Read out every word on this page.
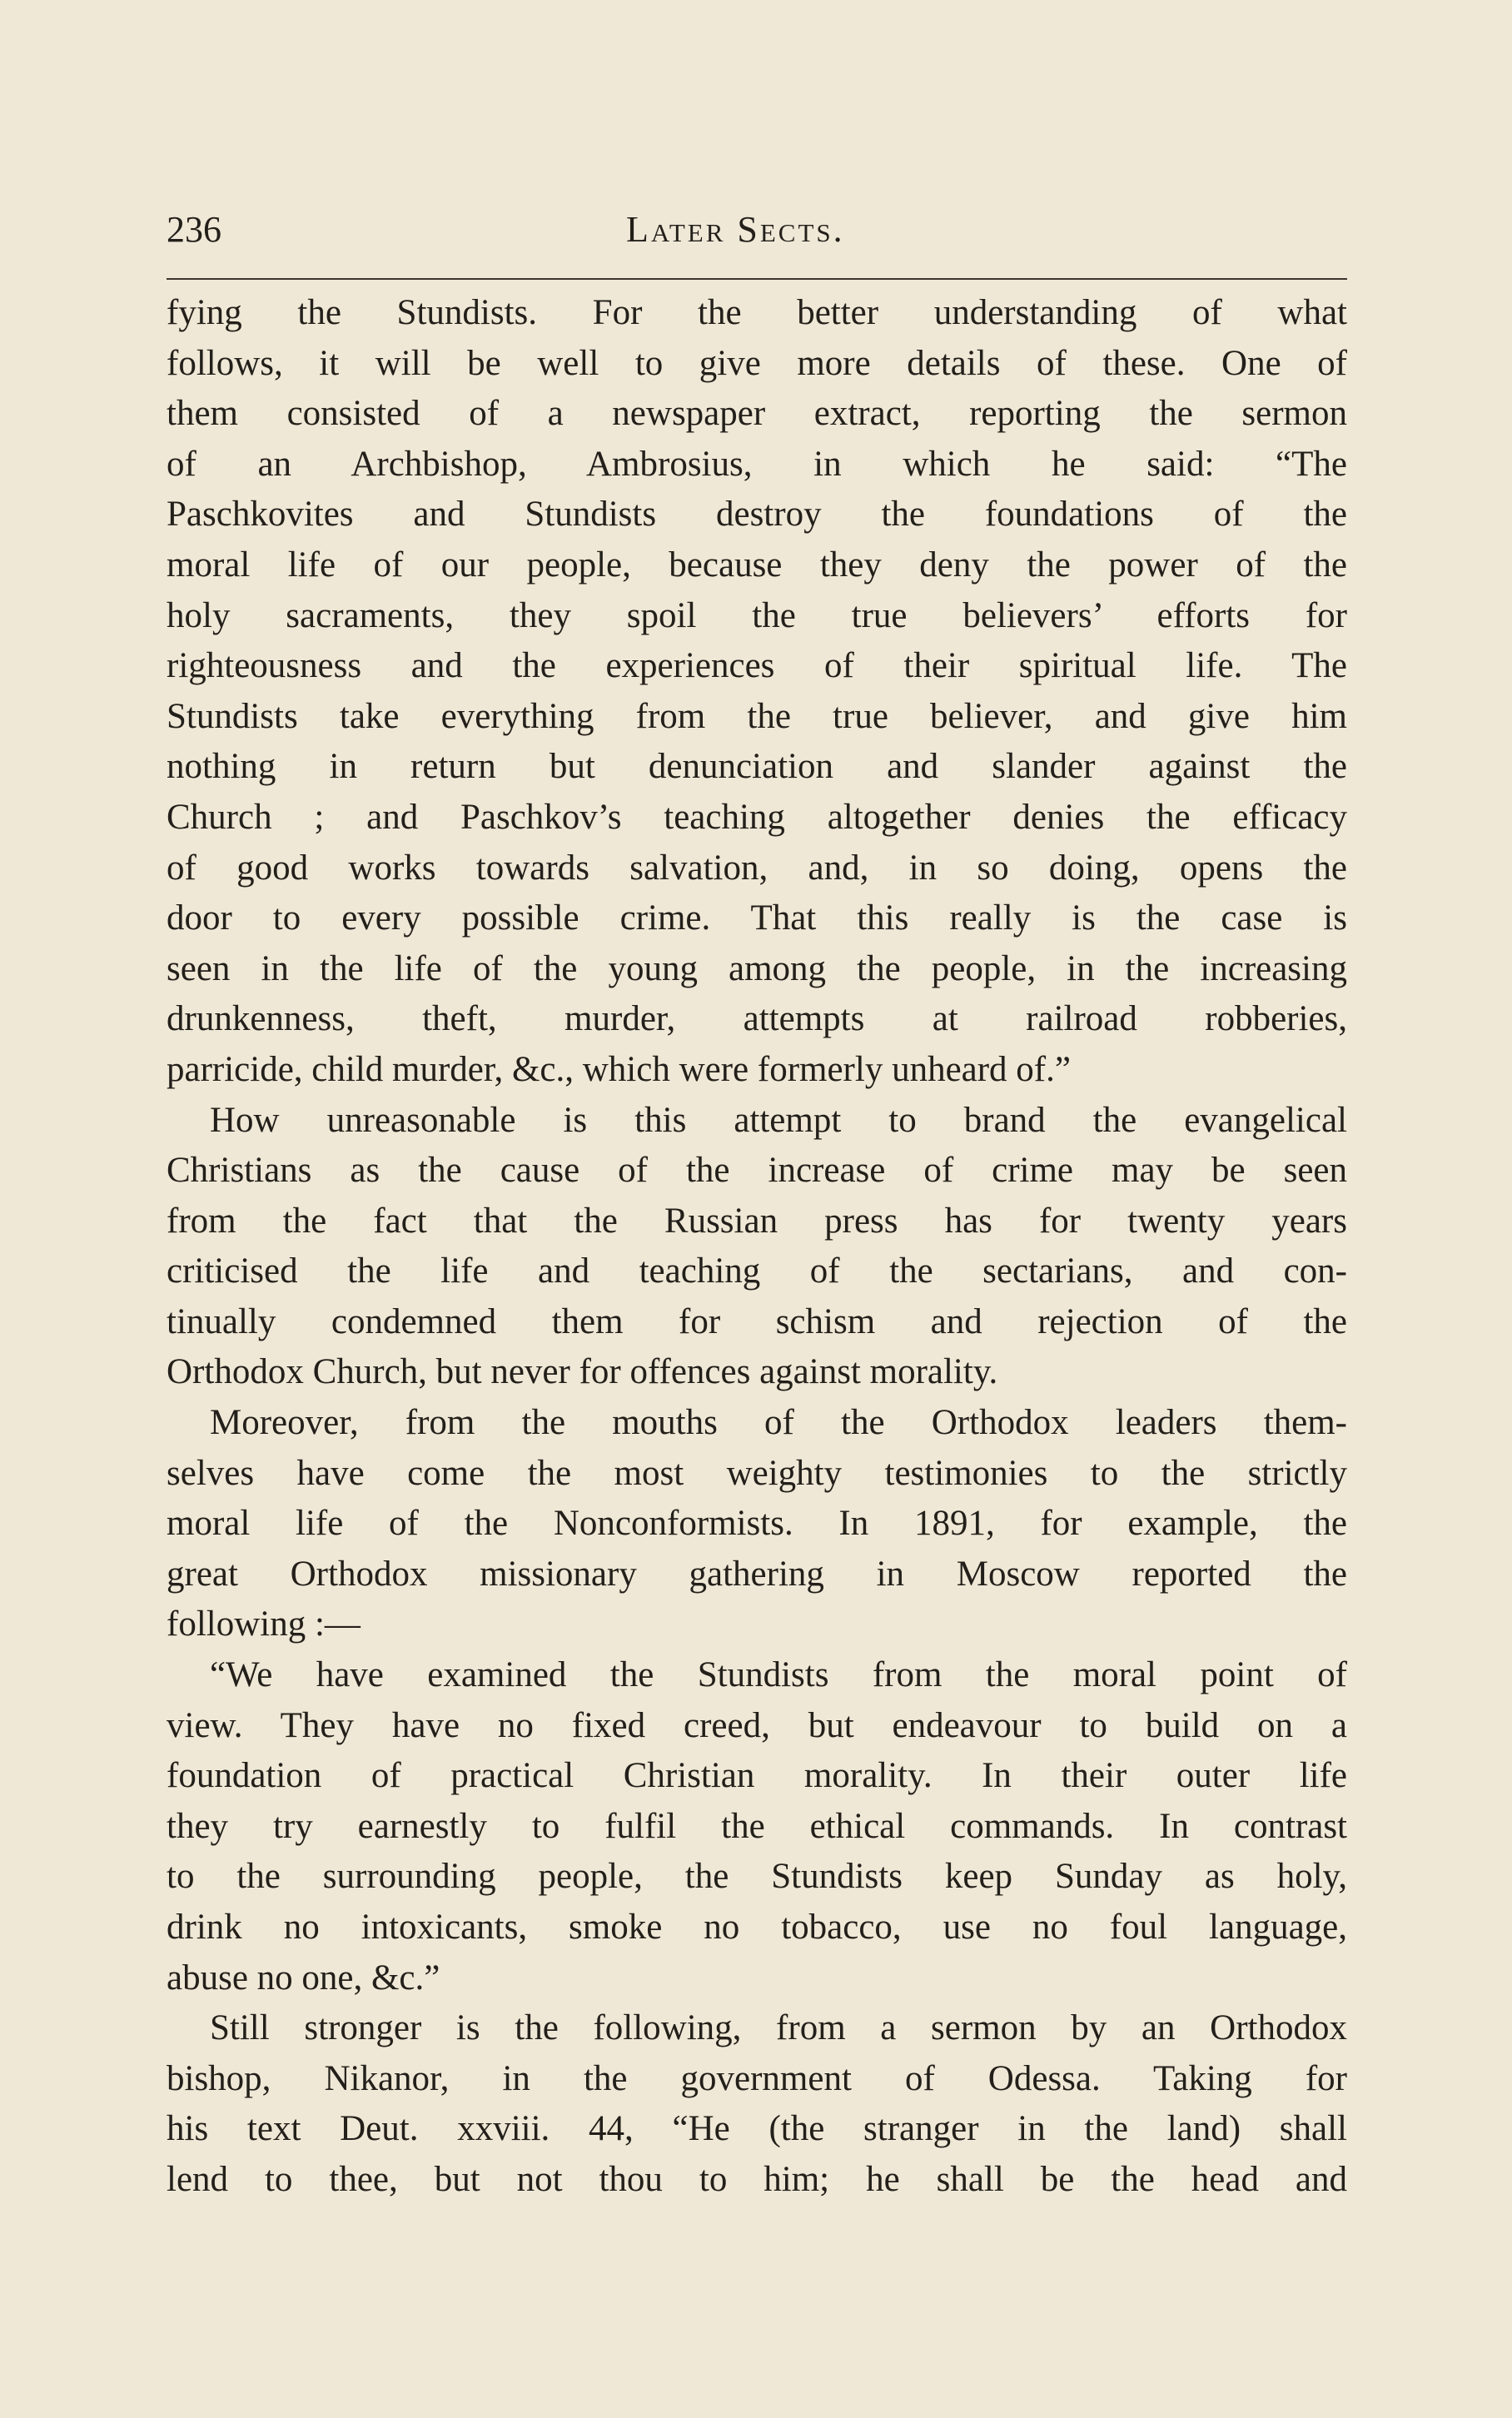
236	Later Sects.
fying the Stundists. For the better understanding of what
follows, it will be well to give more details of these. One of
them consisted of a newspaper extract, reporting the sermon
of an Archbishop, Ambrosius, in which he said: “The
Paschkovites and Stundists destroy the foundations of the
moral life of our people, because they deny the power of the
holy sacraments, they spoil the true believers’ efforts for
righteousness and the experiences of their spiritual life. The
Stundists take everything from the true believer, and give him
nothing in return but denunciation and slander against the
Church ; and Paschkov’s teaching altogether denies the efficacy
of good works towards salvation, and, in so doing, opens the
door to every possible crime. That this really is the case is
seen in the life of the young among the people, in the increasing
drunkenness, theft, murder, attempts at railroad robberies,
parricide, child murder, &c., which were formerly unheard of.”
How unreasonable is this attempt to brand the evangelical
Christians as the cause of the increase of crime may be seen
from the fact that the Russian press has for twenty years
criticised the life and teaching of the sectarians, and con-
tinually condemned them for schism and rejection of the
Orthodox Church, but never for offences against morality.
Moreover, from the mouths of the Orthodox leaders them-
selves have come the most weighty testimonies to the strictly
moral life of the Nonconformists. In 1891, for example, the
great Orthodox missionary gathering in Moscow reported the
following :—
“We have examined the Stundists from the moral point of
view. They have no fixed creed, but endeavour to build on a
foundation of practical Christian morality. In their outer life
they try earnestly to fulfil the ethical commands. In contrast
to the surrounding people, the Stundists keep Sunday as holy,
drink no intoxicants, smoke no tobacco, use no foul language,
abuse no one, &c.”
Still stronger is the following, from a sermon by an Orthodox
bishop, Nikanor, in the government of Odessa. Taking for
his text Deut. xxviii. 44, “He (the stranger in the land) shall
lend to thee, but not thou to him; he shall be the head and
